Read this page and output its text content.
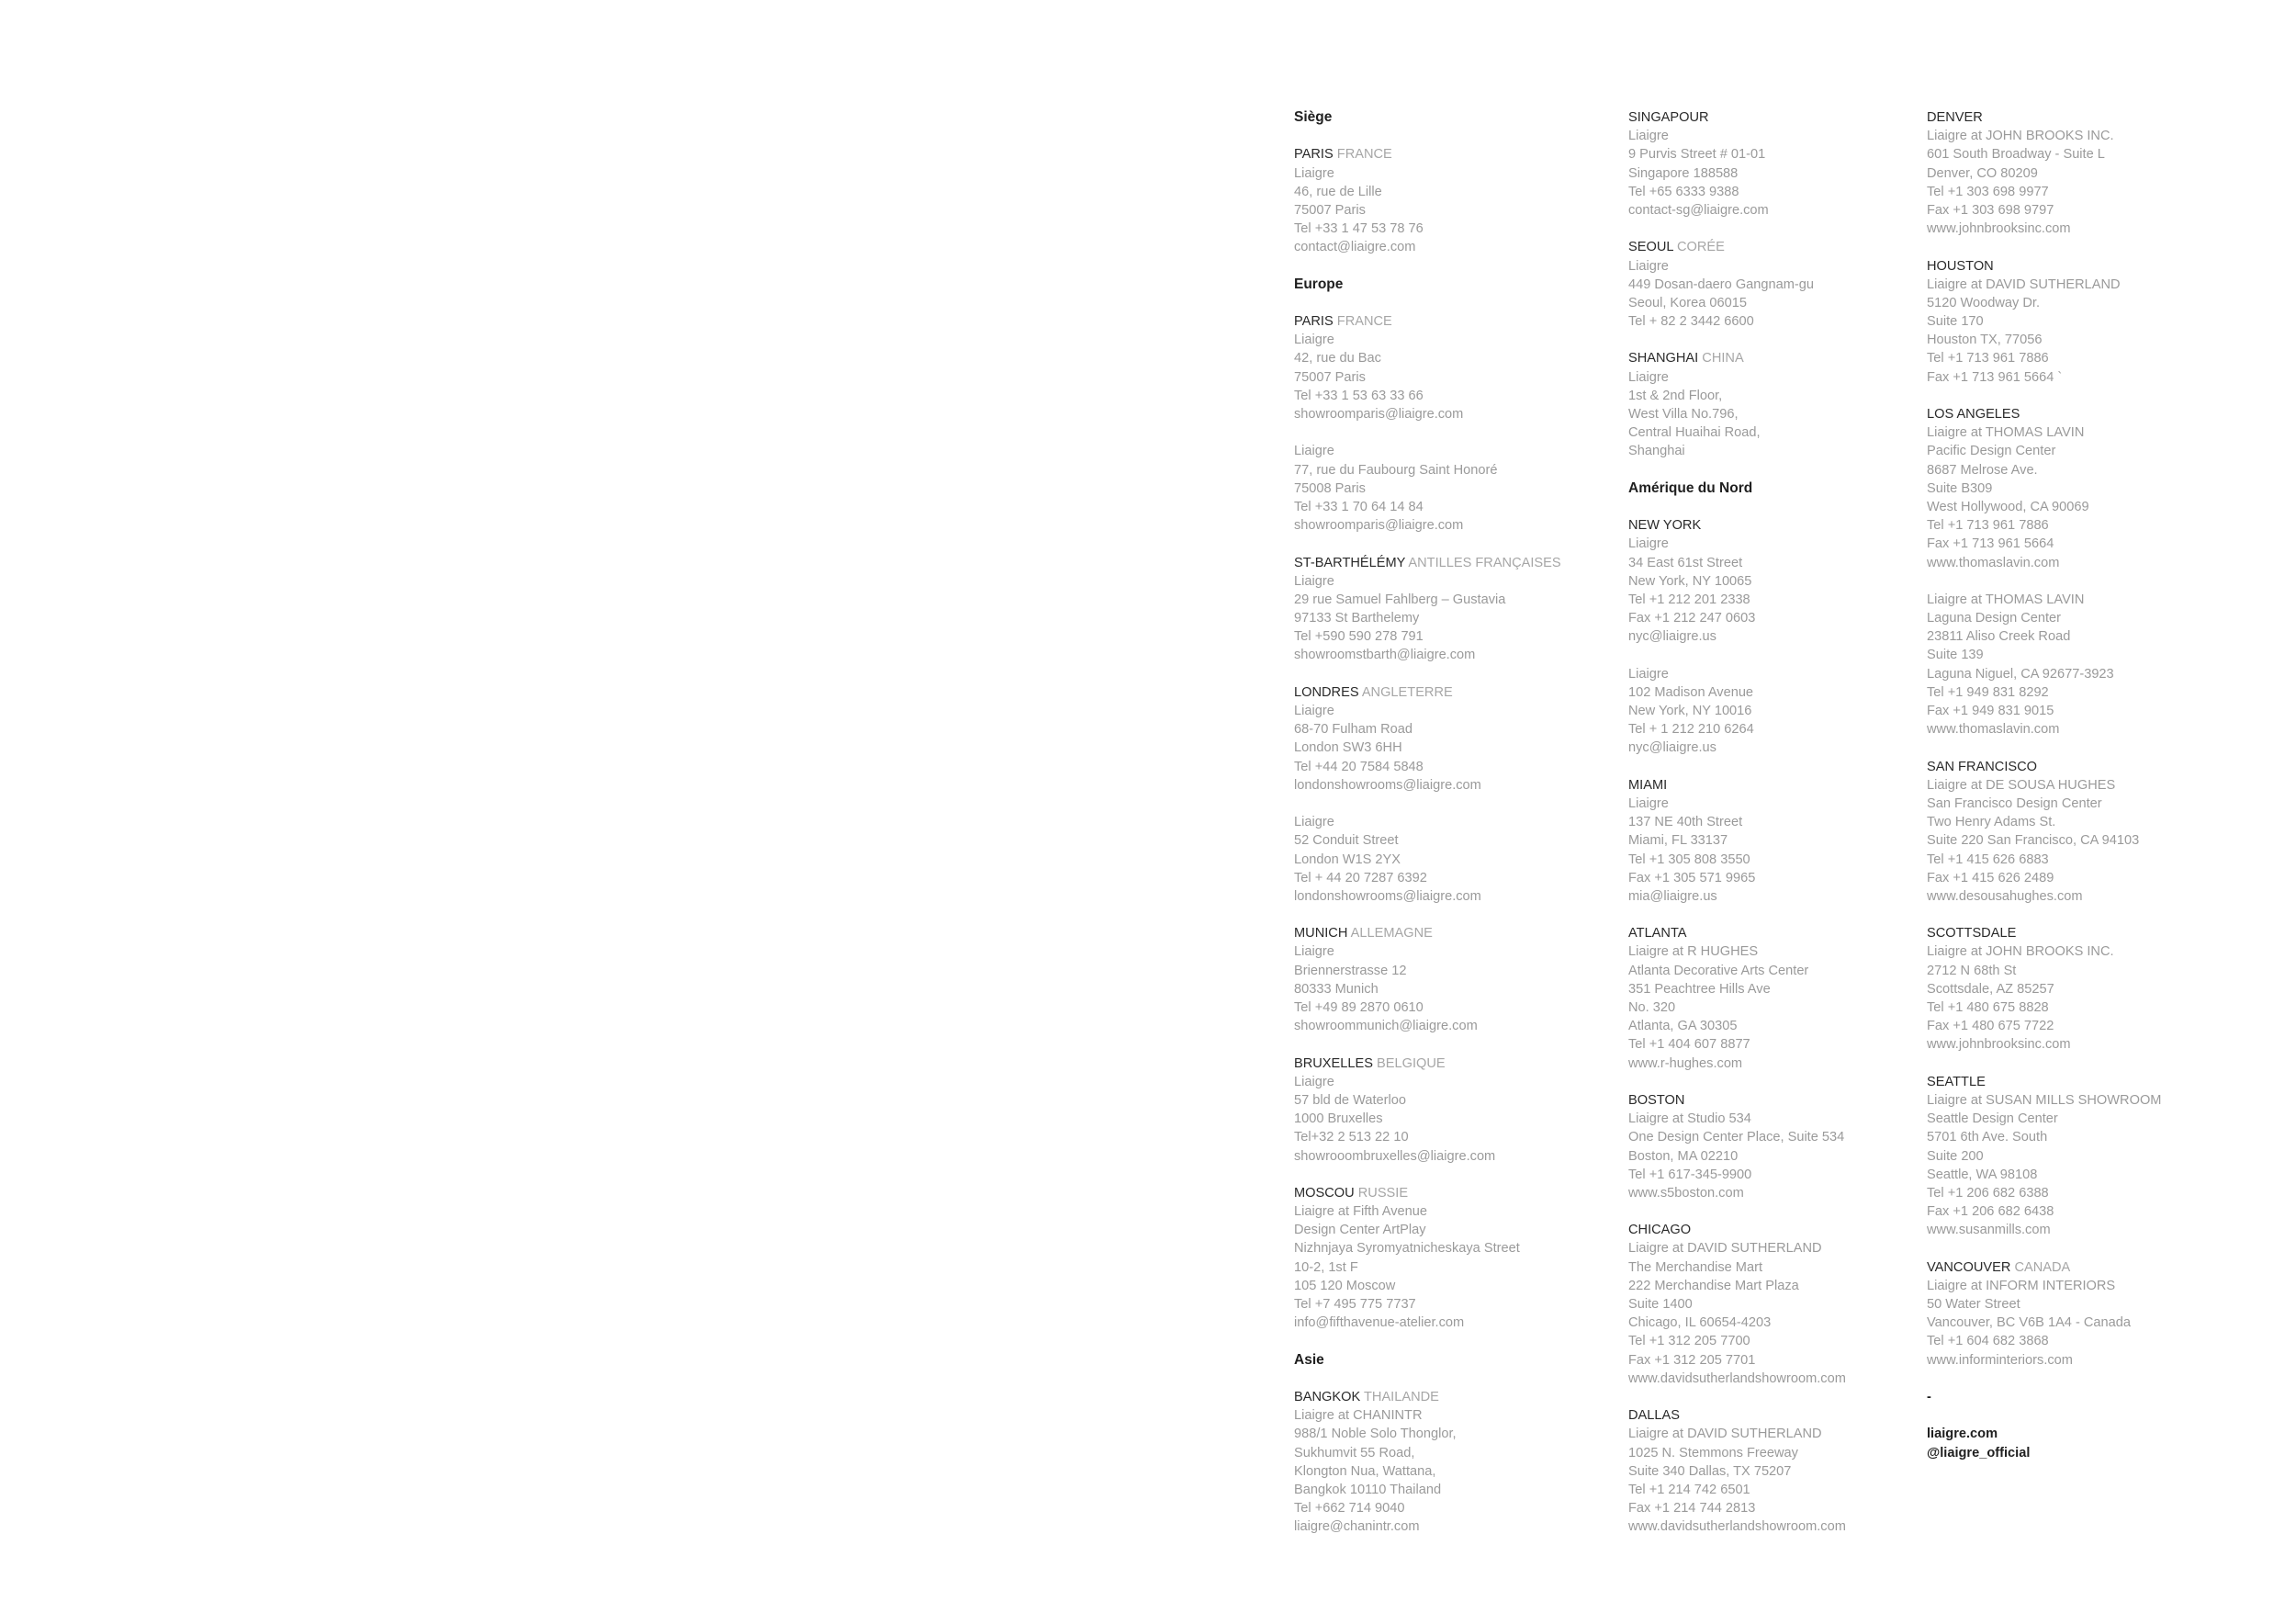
Siège
PARIS FRANCE
Liaigre
46, rue de Lille
75007 Paris
Tel +33 1 47 53 78 76
contact@liaigre.com
Europe
PARIS FRANCE
Liaigre
42, rue du Bac
75007 Paris
Tel +33 1 53 63 33 66
showroomparis@liaigre.com
Liaigre
77, rue du Faubourg Saint Honoré
75008 Paris
Tel +33 1 70 64 14 84
showroomparis@liaigre.com
ST-BARTHÉLÉMY ANTILLES FRANÇAISES
Liaigre
29 rue Samuel Fahlberg – Gustavia
97133 St Barthelemy
Tel +590 590 278 791
showroomstbarth@liaigre.com
LONDRES ANGLETERRE
Liaigre
68-70 Fulham Road
London SW3 6HH
Tel +44 20 7584 5848
londonshowrooms@liaigre.com
Liaigre
52 Conduit Street
London W1S 2YX
Tel + 44 20 7287 6392
londonshowrooms@liaigre.com
MUNICH ALLEMAGNE
Liaigre
Briennerstrasse 12
80333 Munich
Tel +49 89 2870 0610
showroommunich@liaigre.com
BRUXELLES BELGIQUE
Liaigre
57 bld de Waterloo
1000 Bruxelles
Tel+32 2 513 22 10
showrooombruxelles@liaigre.com
MOSCOU RUSSIE
Liaigre at Fifth Avenue
Design Center ArtPlay
Nizhnjaya Syromyatnicheskaya Street
10-2, 1st F
105 120 Moscow
Tel +7 495 775 7737
info@fifthavenue-atelier.com
Asie
BANGKOK THAILANDE
Liaigre at CHANINTR
988/1 Noble Solo Thonglor,
Sukhumvit 55 Road,
Klongton Nua, Wattana,
Bangkok 10110 Thailand
Tel +662 714 9040
liaigre@chanintr.com
SINGAPOUR
Liaigre
9 Purvis Street # 01-01
Singapore 188588
Tel +65 6333 9388
contact-sg@liaigre.com
SEOUL CORÉE
Liaigre
449 Dosan-daero Gangnam-gu
Seoul, Korea 06015
Tel + 82 2 3442 6600
SHANGHAI CHINA
Liaigre
1st & 2nd Floor,
West Villa No.796,
Central Huaihai Road,
Shanghai
Amérique du Nord
NEW YORK
Liaigre
34 East 61st Street
New York, NY 10065
Tel +1 212 201 2338
Fax +1 212 247 0603
nyc@liaigre.us
Liaigre
102 Madison Avenue
New York, NY 10016
Tel + 1 212 210 6264
nyc@liaigre.us
MIAMI
Liaigre
137 NE 40th Street
Miami, FL 33137
Tel +1 305 808 3550
Fax +1 305 571 9965
mia@liaigre.us
ATLANTA
Liaigre at R HUGHES
Atlanta Decorative Arts Center
351 Peachtree Hills Ave
No. 320
Atlanta, GA 30305
Tel +1 404 607 8877
www.r-hughes.com
BOSTON
Liaigre at Studio 534
One Design Center Place, Suite 534
Boston, MA 02210
Tel +1 617-345-9900
www.s5boston.com
CHICAGO
Liaigre at DAVID SUTHERLAND
The Merchandise Mart
222 Merchandise Mart Plaza
Suite 1400
Chicago, IL 60654-4203
Tel +1 312 205 7700
Fax +1 312 205 7701
www.davidsutherlandshowroom.com
DALLAS
Liaigre at DAVID SUTHERLAND
1025 N. Stemmons Freeway
Suite 340 Dallas, TX 75207
Tel +1 214 742 6501
Fax +1 214 744 2813
www.davidsutherlandshowroom.com
DENVER
Liaigre at JOHN BROOKS INC.
601 South Broadway - Suite L
Denver, CO 80209
Tel +1 303 698 9977
Fax +1 303 698 9797
www.johnbrooksinc.com
HOUSTON
Liaigre at DAVID SUTHERLAND
5120 Woodway Dr.
Suite 170
Houston TX, 77056
Tel +1 713 961 7886
Fax +1 713 961 5664 `
LOS ANGELES
Liaigre at THOMAS LAVIN
Pacific Design Center
8687 Melrose Ave.
Suite B309
West Hollywood, CA 90069
Tel +1 713 961 7886
Fax +1 713 961 5664
www.thomaslavin.com
Liaigre at THOMAS LAVIN
Laguna Design Center
23811 Aliso Creek Road
Suite 139
Laguna Niguel, CA 92677-3923
Tel +1 949 831 8292
Fax +1 949 831 9015
www.thomaslavin.com
SAN FRANCISCO
Liaigre at DE SOUSA HUGHES
San Francisco Design Center
Two Henry Adams St.
Suite 220 San Francisco, CA 94103
Tel +1 415 626 6883
Fax +1 415 626 2489
www.desousahughes.com
SCOTTSDALE
Liaigre at JOHN BROOKS INC.
2712 N 68th St
Scottsdale, AZ 85257
Tel +1 480 675 8828
Fax +1 480 675 7722
www.johnbrooksinc.com
SEATTLE
Liaigre at SUSAN MILLS SHOWROOM
Seattle Design Center
5701 6th Ave. South
Suite 200
Seattle, WA 98108
Tel +1 206 682 6388
Fax +1 206 682 6438
www.susanmills.com
VANCOUVER CANADA
Liaigre at INFORM INTERIORS
50 Water Street
Vancouver, BC V6B 1A4 - Canada
Tel +1 604 682 3868
www.informinteriors.com
-
liaigre.com
@liaigre_official
